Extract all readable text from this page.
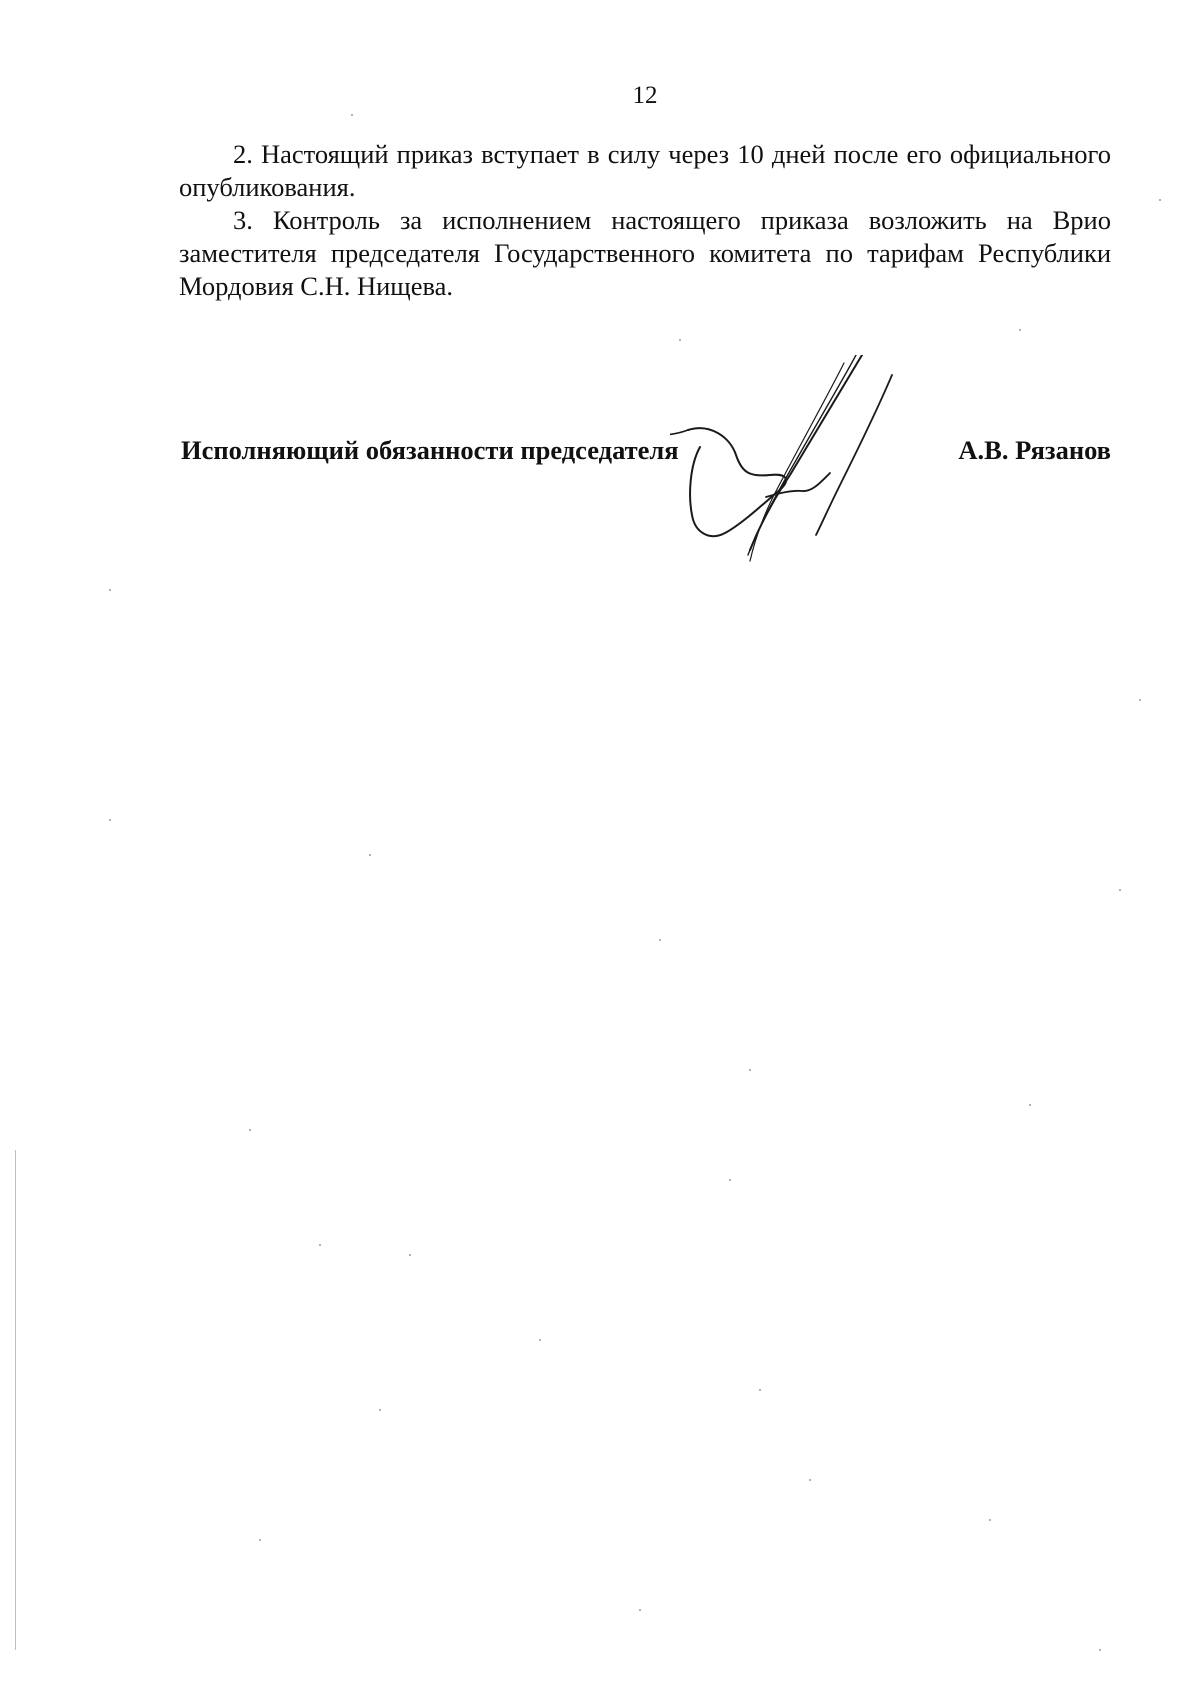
12

2. Настоящий приказ вступает в силу через 10 дней после его официального опубликования.

3. Контроль за исполнением настоящего приказа возложить на Врио заместителя председателя Государственного комитета по тарифам Республики Мордовия С.Н. Нищева.

Исполняющий обязанности председателя	А.В. Рязанов
